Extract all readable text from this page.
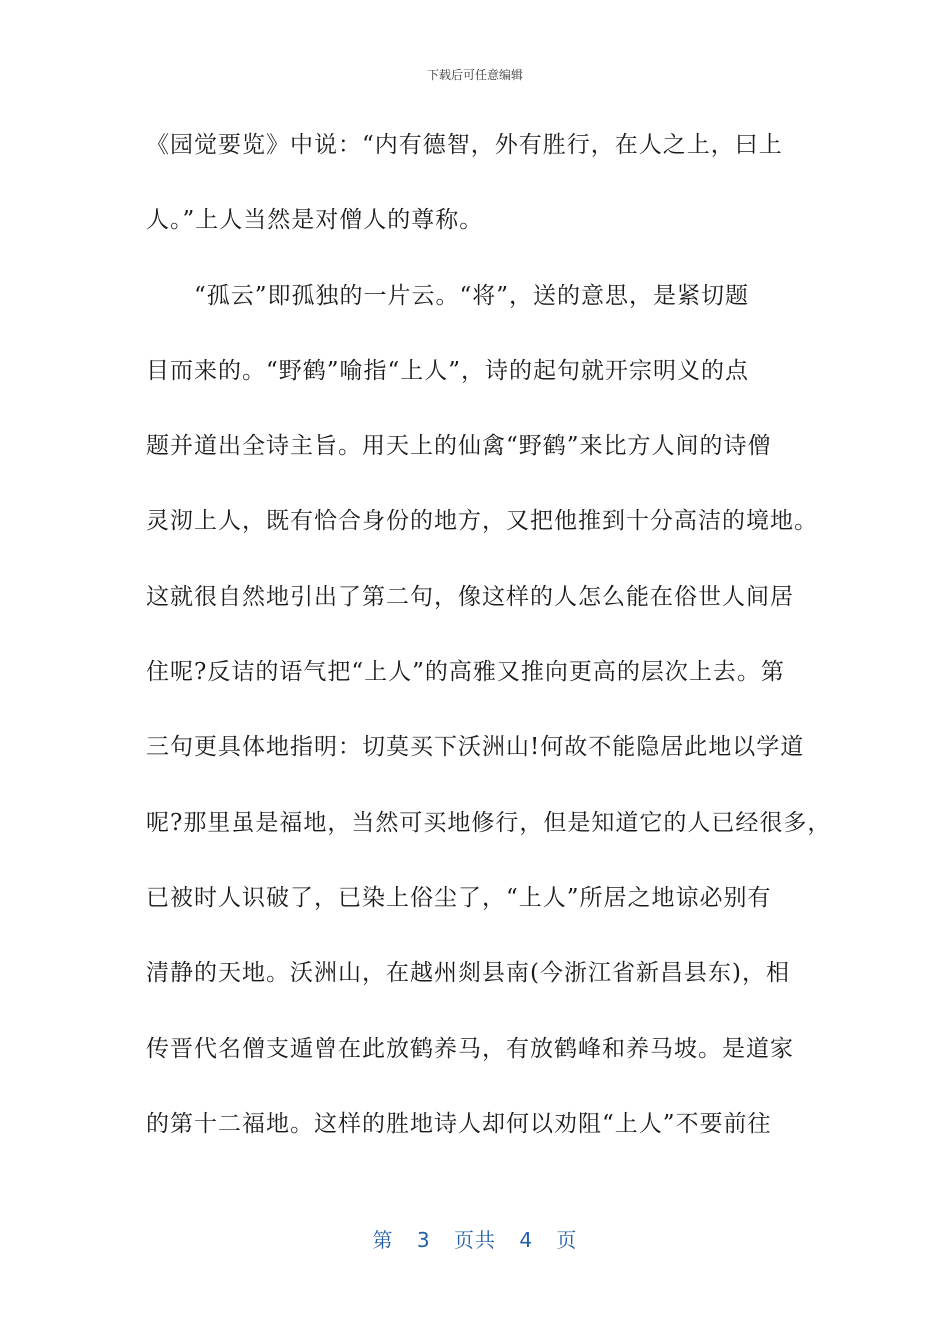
下载后可任意编辑
《园觉要览》中说：“内有德智，外有胜行，在人之上，曰上
人。”上人当然是对僧人的尊称。
　　“孤云”即孤独的一片云。“将”，送的意思，是紧切题
目而来的。“野鹤”喻指“上人”，诗的起句就开宗明义的点
题并道出全诗主旨。用天上的仙禽“野鹤”来比方人间的诗僧
灵沏上人，既有恰合身份的地方，又把他推到十分高洁的境地。
这就很自然地引出了第二句，像这样的人怎么能在俗世人间居
住呢?反诘的语气把“上人”的高雅又推向更高的层次上去。第
三句更具体地指明：切莫买下沃洲山!何故不能隐居此地以学道
呢?那里虽是福地，当然可买地修行，但是知道它的人已经很多，
已被时人识破了，已染上俗尘了，“上人”所居之地谅必别有
清静的天地。沃洲山，在越州剡县南(今浙江省新昌县东)，相
传晋代名僧支遁曾在此放鹤养马，有放鹤峰和养马坡。是道家
的第十二福地。这样的胜地诗人却何以劝阻“上人”不要前往
第 3 页共 4 页
